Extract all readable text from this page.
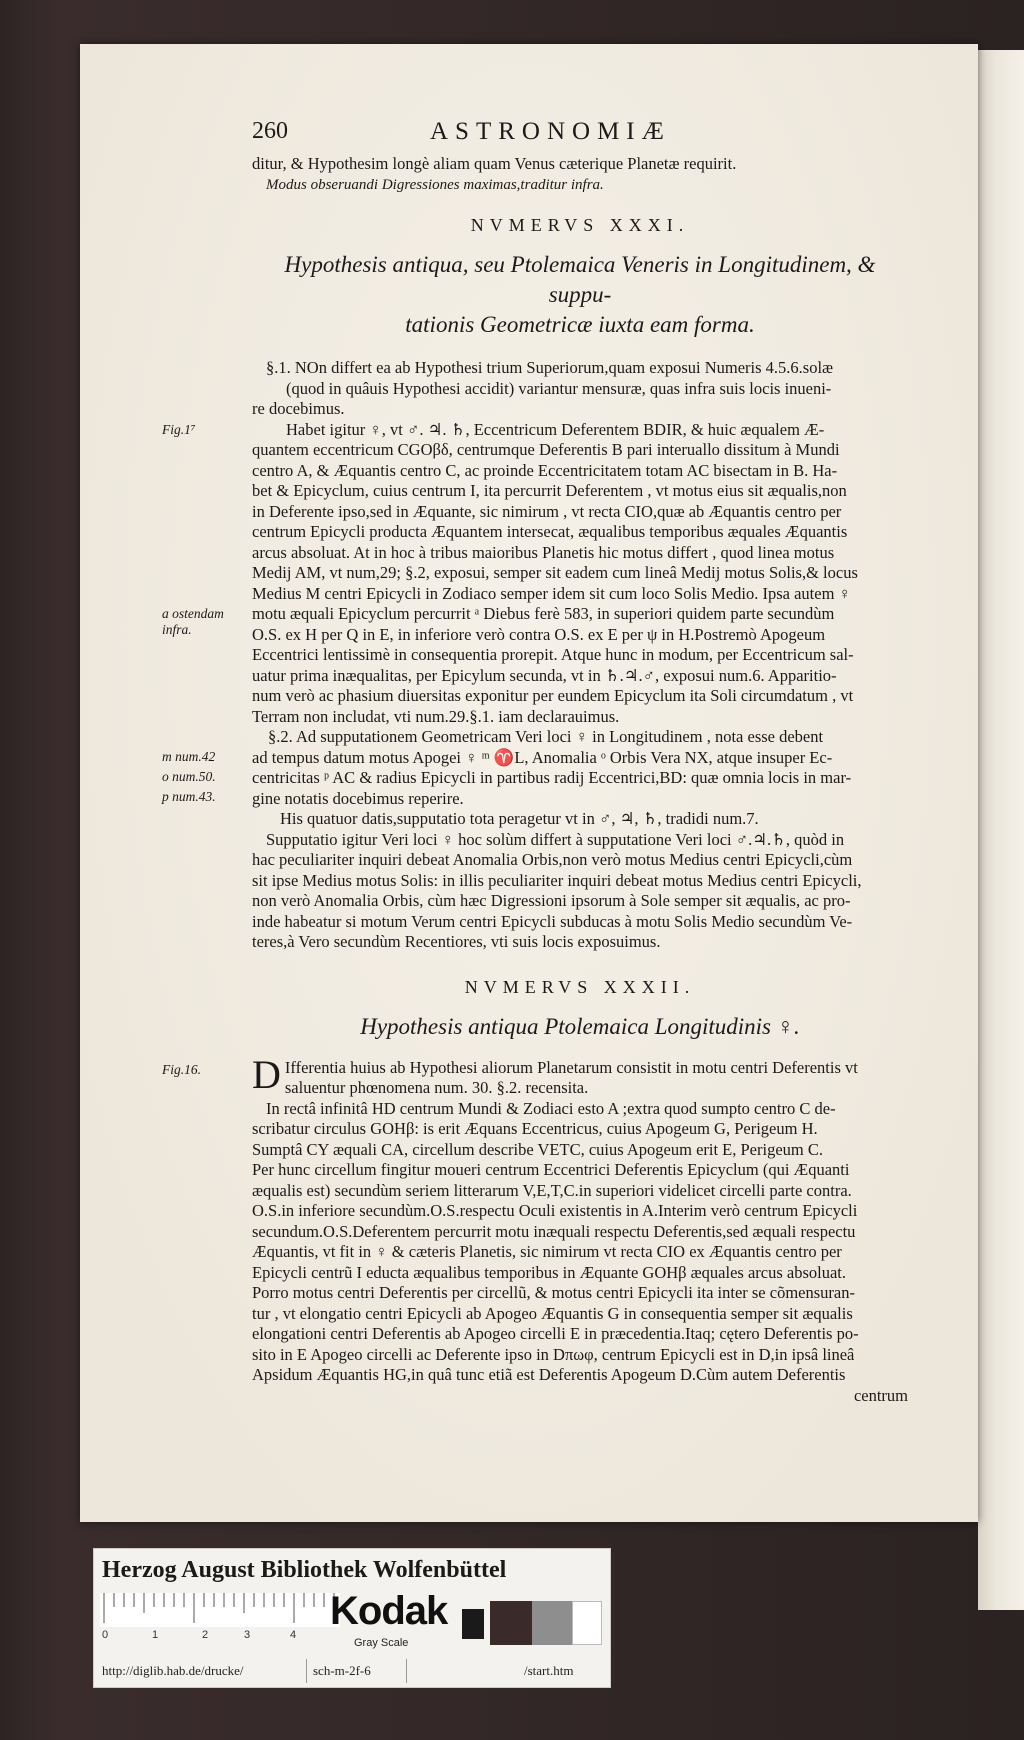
260	ASTRONOMIÆ
ditur, & Hypothesim longè aliam quam Venus cæterique Planetæ requirit.
Modus obseruandi Digressiones maximas,traditur infra.
NVMERVS XXXI.
Hypothesis antiqua, seu Ptolemaica Veneris in Longitudinem, & suppu-
tationis Geometricæ iuxta eam forma.
§.1. NOn differt ea ab Hypothesi trium Superiorum,quam exposui Numeris 4.5.6.solæ
(quod in quâuis Hypothesi accidit) variantur mensuræ, quas infra suis locis inueni-
re docebimus.
Fig.1⁷
a ostendam
infra.
Habet igitur ♀, vt ♂. ♃. ♄, Eccentricum Deferentem BDIR, & huic æqualem Æ-
quantem eccentricum CGOβδ, centrumque Deferentis B pari interuallo dissitum à Mundi
centro A, & Æquantis centro C, ac proinde Eccentricitatem totam AC bisectam in B. Ha-
bet & Epicyclum, cuius centrum I, ita percurrit Deferentem , vt motus eius sit æqualis,non
in Deferente ipso,sed in Æquante, sic nimirum , vt recta CIO,quæ ab Æquantis centro per
centrum Epicycli producta Æquantem intersecat, æqualibus temporibus æquales Æquantis
arcus absoluat. At in hoc à tribus maioribus Planetis hic motus differt , quod linea motus
Medij AM, vt num,29; §.2, exposui, semper sit eadem cum lineâ Medij motus Solis,& locus
Medius M centri Epicycli in Zodiaco semper idem sit cum loco Solis Medio. Ipsa autem ♀
motu æquali Epicyclum percurrit ᵃ Diebus ferè 583, in superiori quidem parte secundùm
O.S. ex H per Q in E, in inferiore verò contra O.S. ex E per ψ in H.Postremò Apogeum
Eccentrici lentissimè in consequentia prorepit. Atque hunc in modum, per Eccentricum sal-
uatur prima inæqualitas, per Epicylum secunda, vt in ♄.♃.♂, exposui num.6. Apparitio-
num verò ac phasium diuersitas exponitur per eundem Epicyclum ita Soli circumdatum , vt
Terram non includat, vti num.29.§.1. iam declarauimus.
m num.42
o num.50.
p num.43.
§.2. Ad supputationem Geometricam Veri loci ♀ in Longitudinem , nota esse debent
ad tempus datum motus Apogei ♀ ᵐ ♈L, Anomalia ᵒ Orbis Vera NX, atque insuper Ec-
centricitas ᵖ AC & radius Epicycli in partibus radij Eccentrici,BD: quæ omnia locis in mar-
gine notatis docebimus reperire.
His quatuor datis,supputatio tota peragetur vt in ♂, ♃, ♄, tradidi num.7.
Supputatio igitur Veri loci ♀ hoc solùm differt à supputatione Veri loci ♂.♃.♄, quòd in
hac peculiariter inquiri debeat Anomalia Orbis,non verò motus Medius centri Epicycli,cùm
sit ipse Medius motus Solis: in illis peculiariter inquiri debeat motus Medius centri Epicycli,
non verò Anomalia Orbis, cùm hæc Digressioni ipsorum à Sole semper sit æqualis, ac pro-
inde habeatur si motum Verum centri Epicycli subducas à motu Solis Medio secundùm Ve-
teres,à Vero secundùm Recentiores, vti suis locis exposuimus.
NVMERVS XXXII.
Hypothesis antiqua Ptolemaica Longitudinis ♀.
Fig.16. D Ifferentia huius ab Hypothesi aliorum Planetarum consistit in motu centri Deferentis vt
saluentur phœnomena num. 30. §.2. recensita.
In rectâ infinitâ HD centrum Mundi & Zodiaci esto A ;extra quod sumpto centro C de-
scribatur circulus GOHβ: is erit Æquans Eccentricus, cuius Apogeum G, Perigeum H.
Sumptâ CY æquali CA, circellum describe VETC, cuius Apogeum erit E, Perigeum C.
Per hunc circellum fingitur moueri centrum Eccentrici Deferentis Epicyclum (qui Æquanti
æqualis est) secundùm seriem litterarum V,E,T,C.in superiori videlicet circelli parte contra.
O.S.in inferiore secundùm.O.S.respectu Oculi existentis in A.Interim verò centrum Epicycli
secundum.O.S.Deferentem percurrit motu inæquali respectu Deferentis,sed æquali respectu
Æquantis, vt fit in ♀ & cæteris Planetis, sic nimirum vt recta CIO ex Æquantis centro per
Epicycli centrũ I educta æqualibus temporibus in Æquante GOHβ æquales arcus absoluat.
Porro motus centri Deferentis per circellũ, & motus centri Epicycli ita inter se cõmensuran-
tur , vt elongatio centri Epicycli ab Apogeo Æquantis G in consequentia semper sit æqualis
elongationi centri Deferentis ab Apogeo circelli E in præcedentia.Itaq; cętero Deferentis po-
sito in E Apogeo circelli ac Deferente ipso in Dπωφ, centrum Epicycli est in D,in ipsâ lineâ
Apsidum Æquantis HG,in quâ tunc etiã est Deferentis Apogeum D.Cùm autem Deferentis
centrum
Herzog August Bibliothek Wolfenbüttel
0	1	2	3	4
Kodak
Gray Scale
http://diglib.hab.de/drucke/	sch-m-2f-6	/start.htm
